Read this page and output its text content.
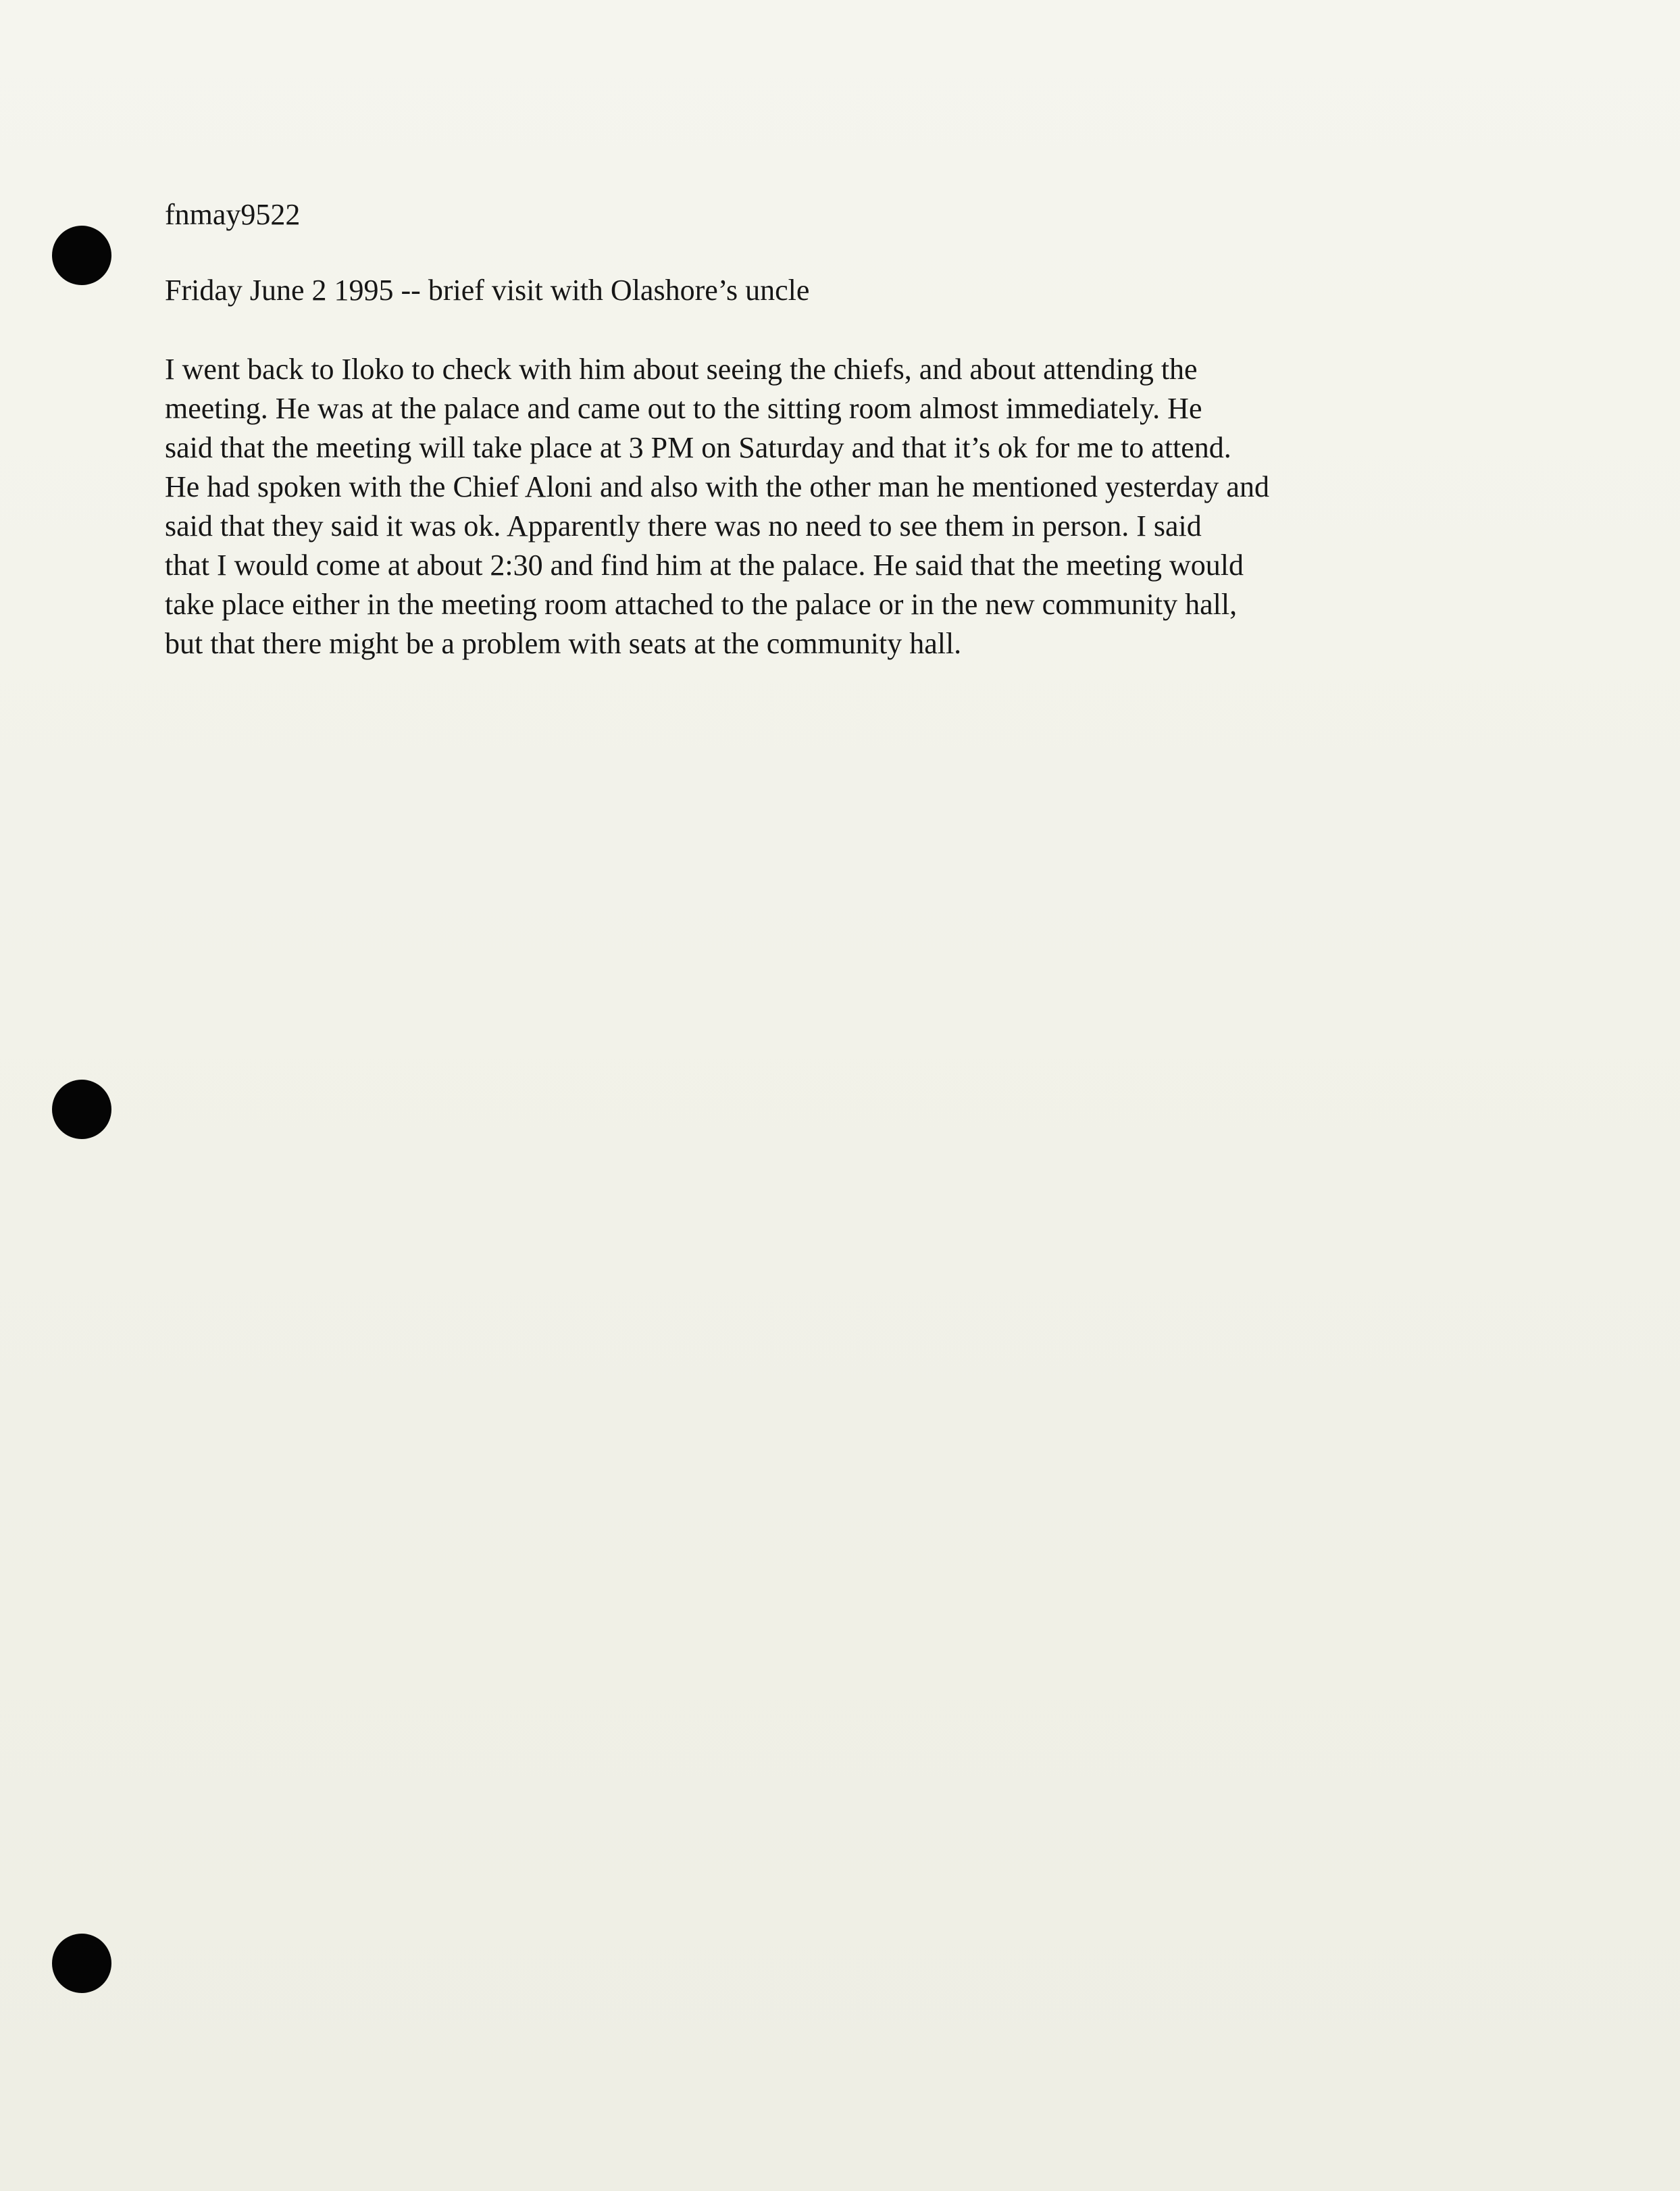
fnmay9522
Friday June 2 1995 -- brief visit with Olashore’s uncle
I went back to Iloko to check with him about seeing the chiefs, and about attending the
meeting. He was at the palace and came out to the sitting room almost immediately. He
said that the meeting will take place at 3 PM on Saturday and that it’s ok for me to attend.
He had spoken with the Chief Aloni and also with the other man he mentioned yesterday and
said that they said it was ok. Apparently there was no need to see them in person. I said
that I would come at about 2:30 and find him at the palace. He said that the meeting would
take place either in the meeting room attached to the palace or in the new community hall,
but that there might be a problem with seats at the community hall.
